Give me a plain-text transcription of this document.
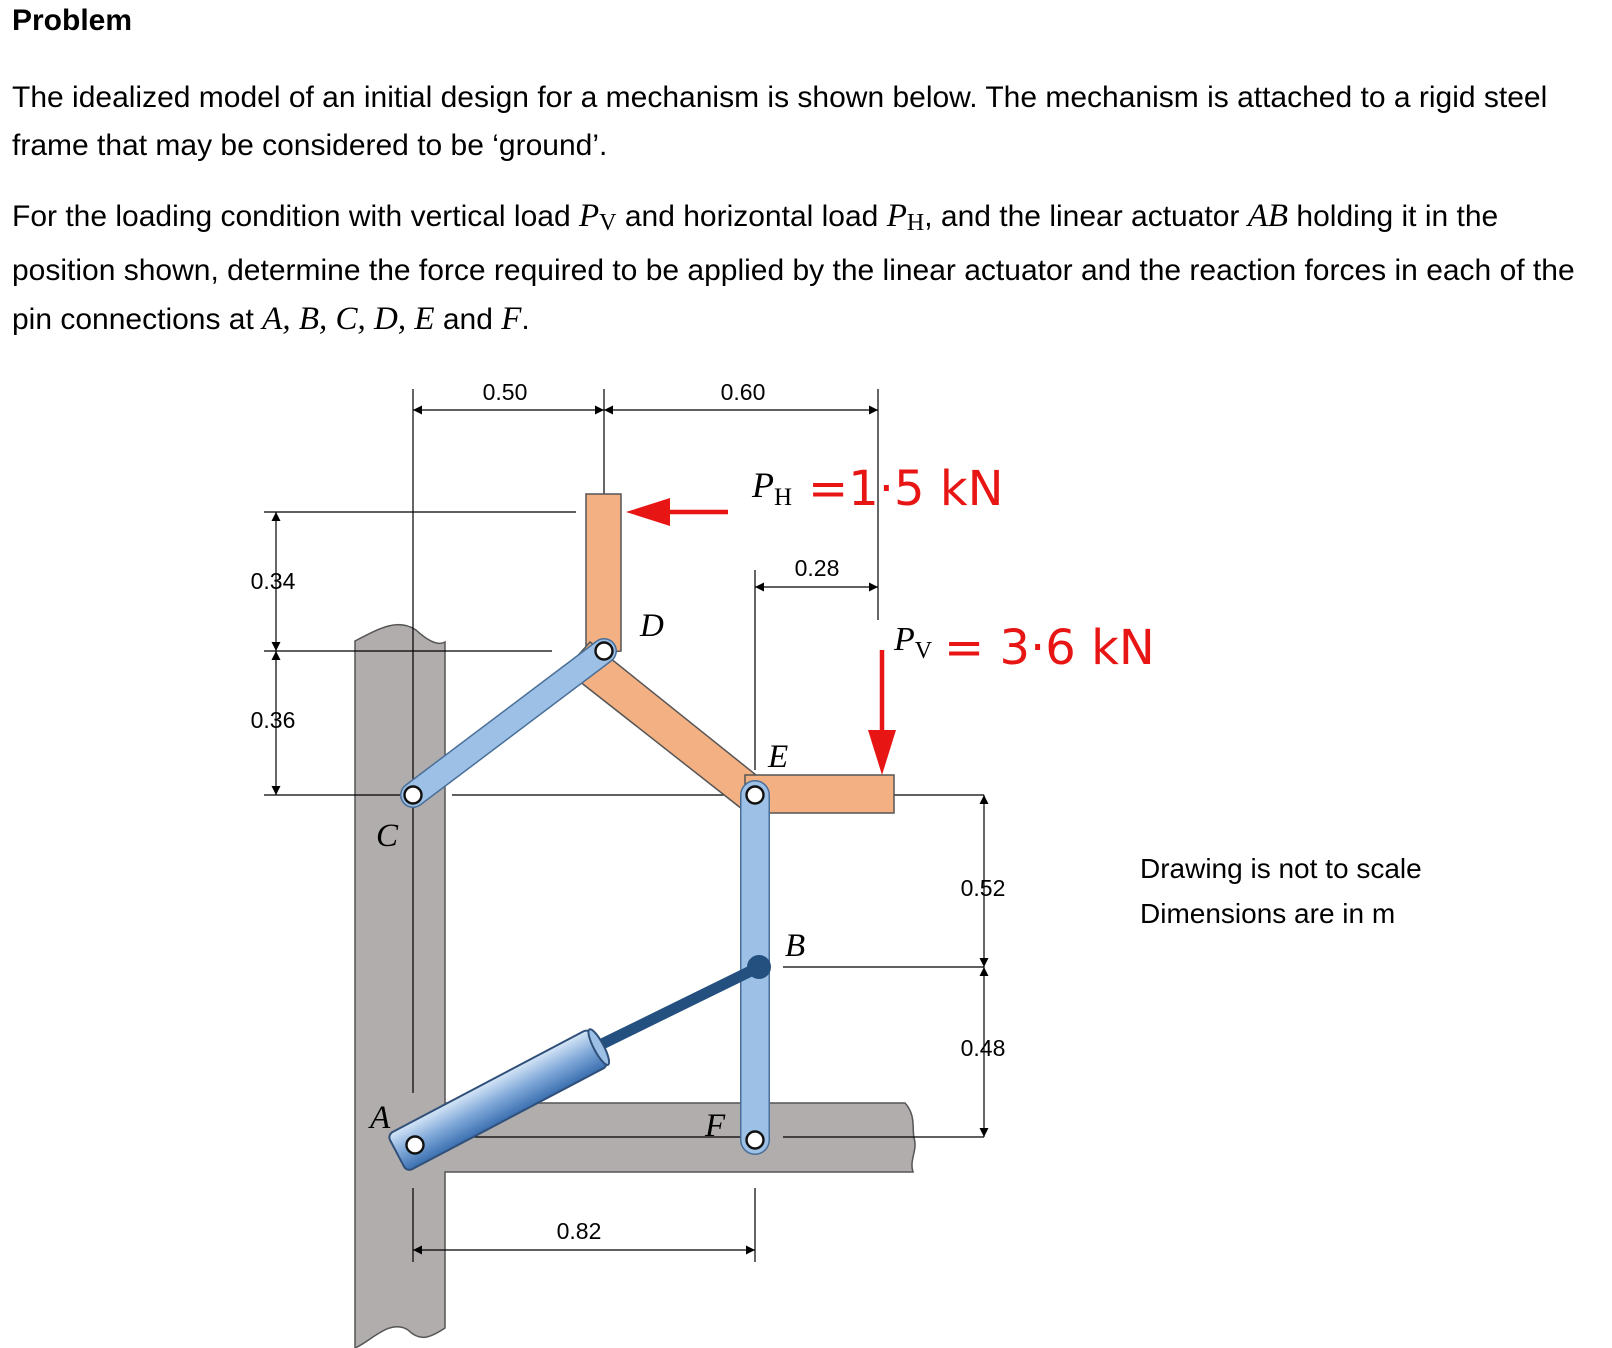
Problem

The idealized model of an initial design for a mechanism is shown below. The mechanism is attached to a rigid steel frame that may be considered to be ‘ground’.

For the loading condition with vertical load PV and horizontal load PH, and the linear actuator AB holding it in the position shown, determine the force required to be applied by the linear actuator and the reaction forces in each of the pin connections at A, B, C, D, E and F.

Drawing is not to scale

Dimensions are in m

0.50	0.60
0.34
0.36
0.28
0.52
0.48
0.82
D
E
C
B
A	F
$P_H =1\cdot 5$ kN
$P_V = 3\cdot 6$ kN
